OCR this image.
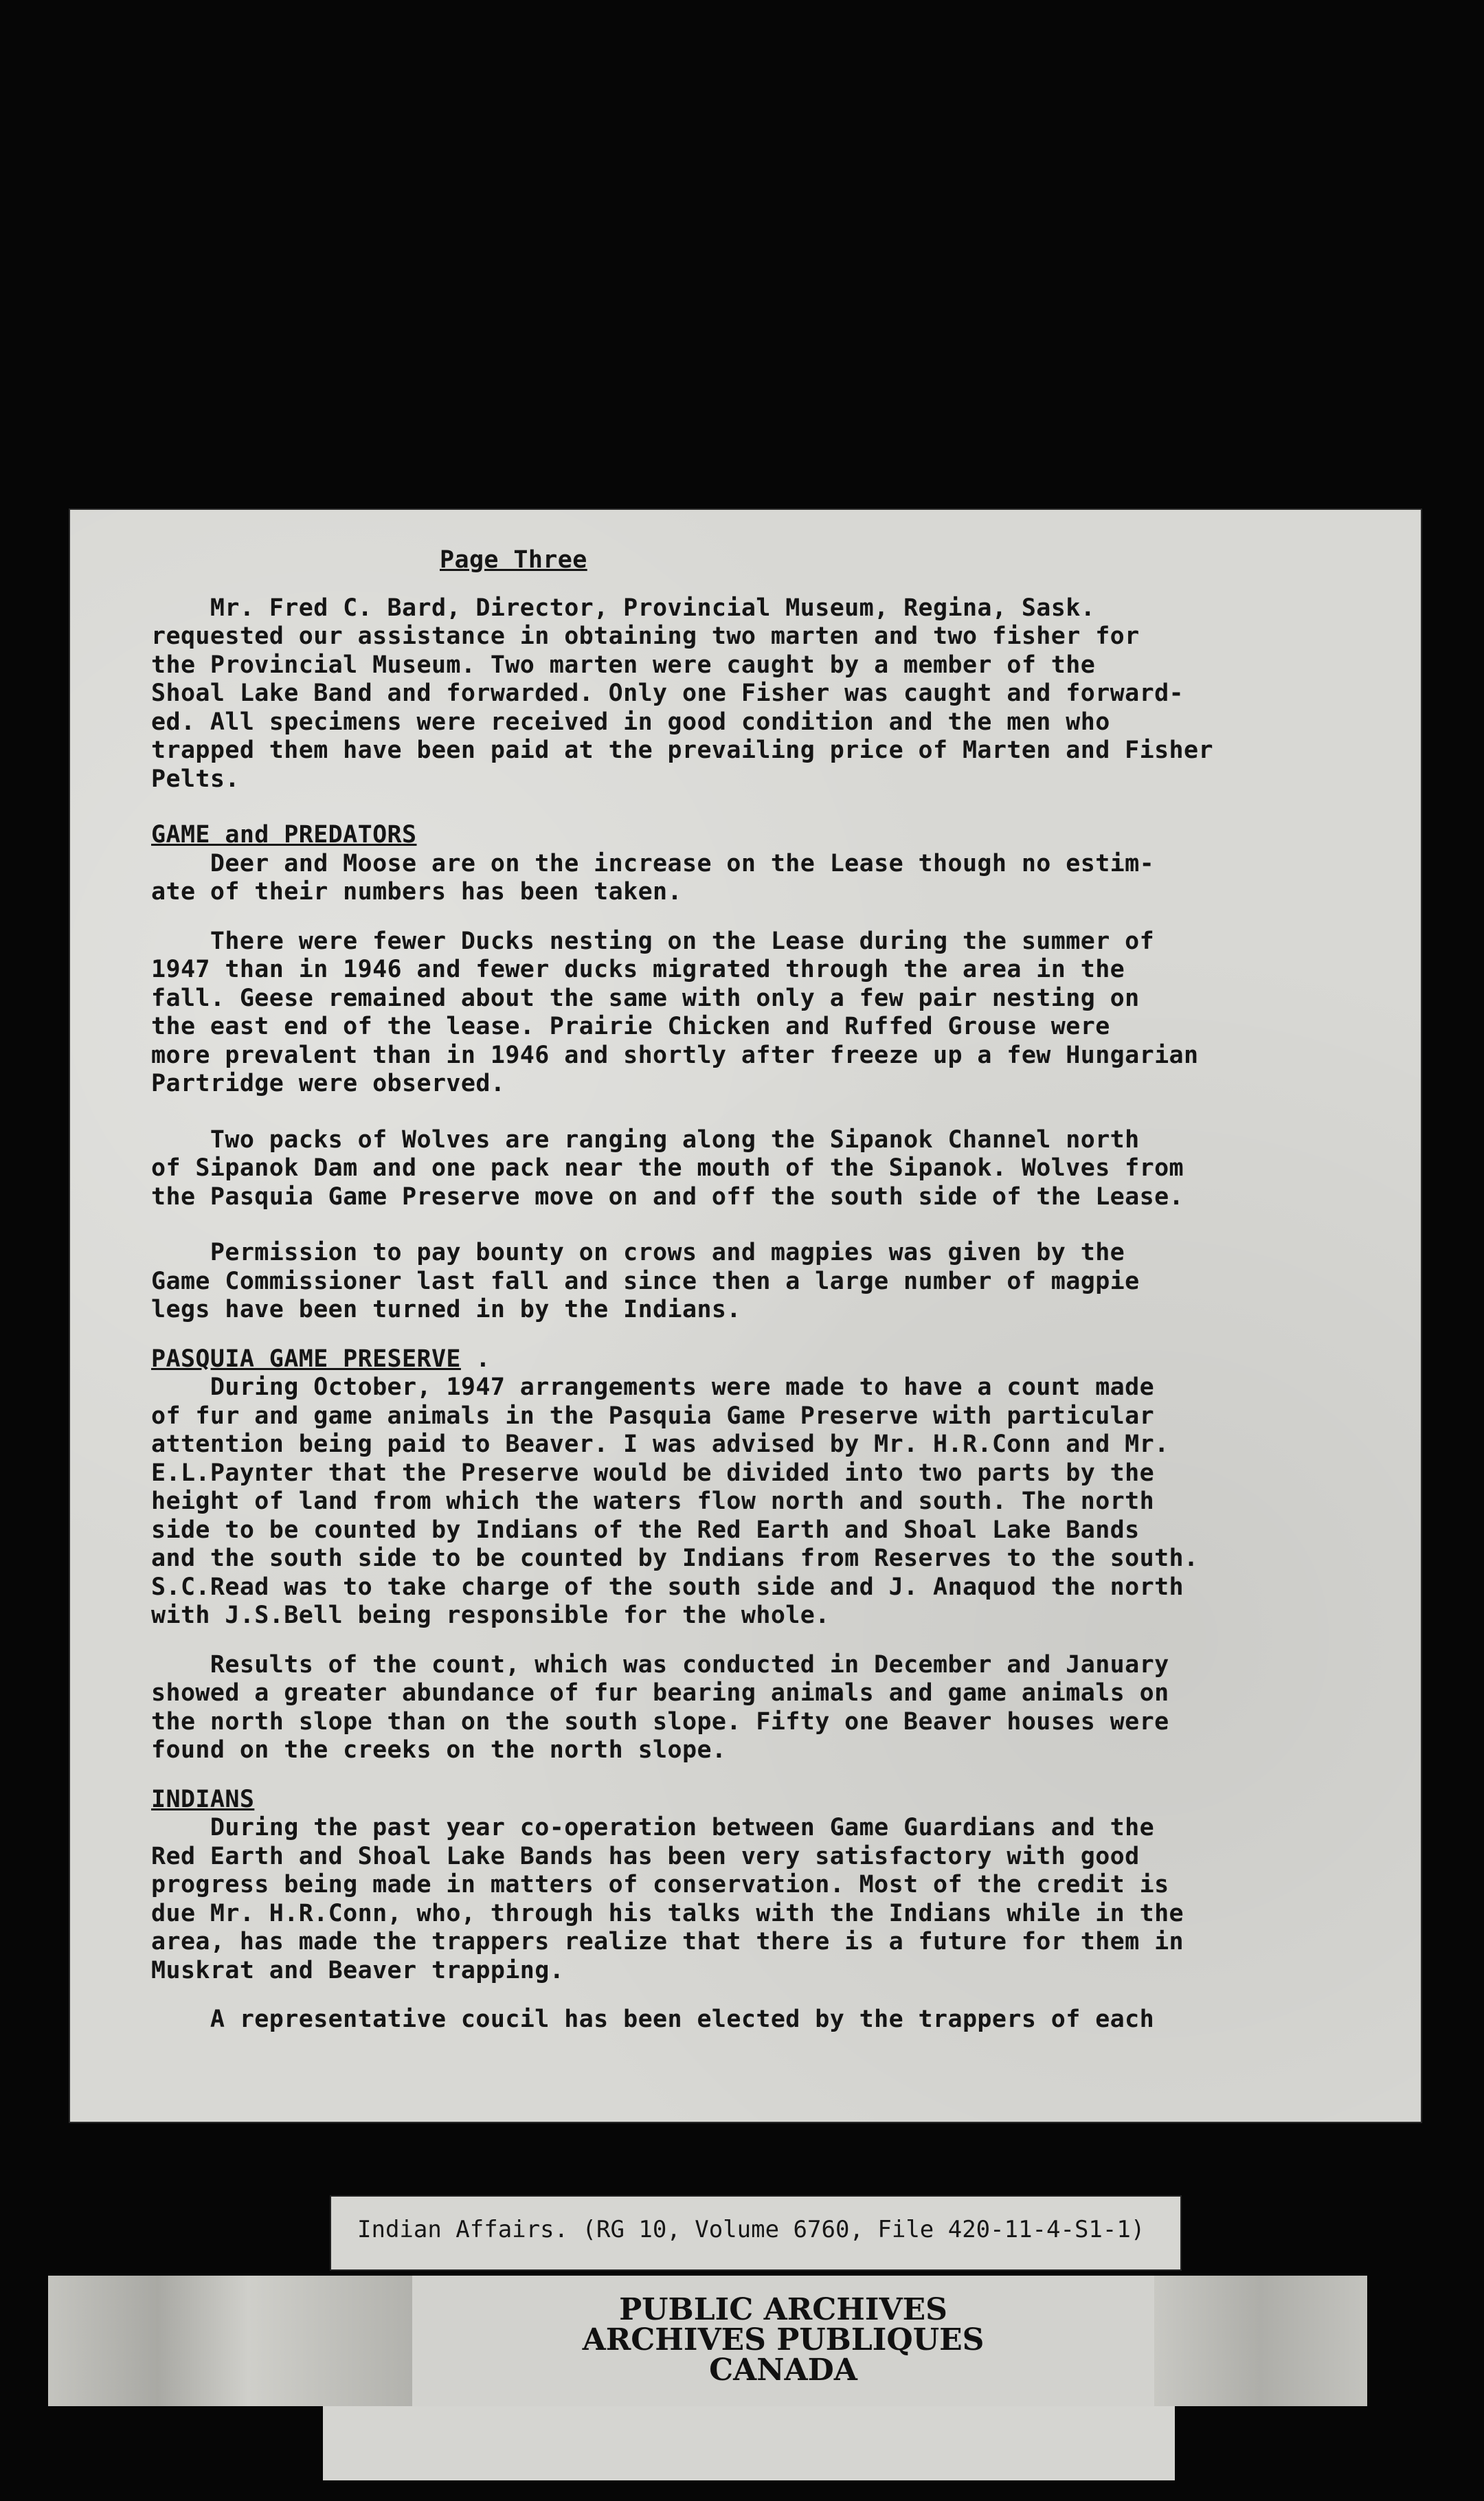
Page Three
Mr. Fred C. Bard, Director, Provincial Museum, Regina, Sask.
requested our assistance in obtaining two marten and two fisher for
the Provincial Museum. Two marten were caught by a member of the
Shoal Lake Band and forwarded. Only one Fisher was caught and forward-
ed. All specimens were received in good condition and the men who
trapped them have been paid at the prevailing price of Marten and Fisher
Pelts.
GAME and PREDATORS
Deer and Moose are on the increase on the Lease though no estim-
ate of their numbers has been taken.
There were fewer Ducks nesting on the Lease during the summer of
1947 than in 1946 and fewer ducks migrated through the area in the
fall. Geese remained about the same with only a few pair nesting on
the east end of the lease. Prairie Chicken and Ruffed Grouse were
more prevalent than in 1946 and shortly after freeze up a few Hungarian
Partridge were observed.
Two packs of Wolves are ranging along the Sipanok Channel north
of Sipanok Dam and one pack near the mouth of the Sipanok. Wolves from
the Pasquia Game Preserve move on and off the south side of the Lease.
Permission to pay bounty on crows and magpies was given by the
Game Commissioner last fall and since then a large number of magpie
legs have been turned in by the Indians.
PASQUIA GAME PRESERVE .
During October, 1947 arrangements were made to have a count made
of fur and game animals in the Pasquia Game Preserve with particular
attention being paid to Beaver. I was advised by Mr. H.R.Conn and Mr.
E.L.Paynter that the Preserve would be divided into two parts by the
height of land from which the waters flow north and south. The north
side to be counted by Indians of the Red Earth and Shoal Lake Bands
and the south side to be counted by Indians from Reserves to the south.
S.C.Read was to take charge of the south side and J. Anaquod the north
with J.S.Bell being responsible for the whole.
Results of the count, which was conducted in December and January
showed a greater abundance of fur bearing animals and game animals on
the north slope than on the south slope. Fifty one Beaver houses were
found on the creeks on the north slope.
INDIANS
During the past year co-operation between Game Guardians and the
Red Earth and Shoal Lake Bands has been very satisfactory with good
progress being made in matters of conservation. Most of the credit is
due Mr. H.R.Conn, who, through his talks with the Indians while in the
area, has made the trappers realize that there is a future for them in
Muskrat and Beaver trapping.
A representative coucil has been elected by the trappers of each
Indian Affairs. (RG 10, Volume 6760, File 420-11-4-S1-1)
PUBLIC ARCHIVES
ARCHIVES PUBLIQUES
CANADA
